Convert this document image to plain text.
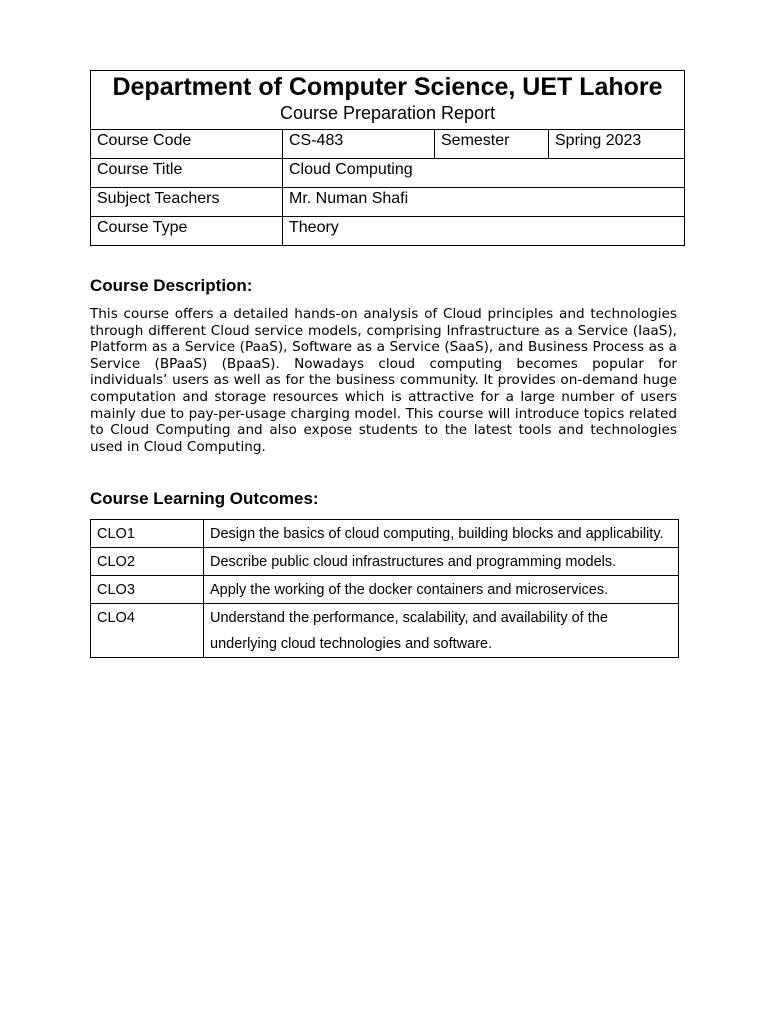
Department of Computer Science, UET Lahore
Course Preparation Report			

Course Code	CS-483	Semester	Spring 2023
Course Title	Cloud Computing		
Subject Teachers	Mr. Numan Shafi		
Course Type	Theory		
Course Description:

This course offers a detailed hands-on analysis of Cloud principles and technologies through different Cloud service models, comprising Infrastructure as a Service (IaaS), Platform as a Service (PaaS), Software as a Service (SaaS), and Business Process as a Service (BPaaS) (BpaaS). Nowadays cloud computing becomes popular for individuals’ users as well as for the business community. It provides on-demand huge computation and storage resources which is attractive for a large number of users mainly due to pay-per-usage charging model. This course will introduce topics related to Cloud Computing and also expose students to the latest tools and technologies used in Cloud Computing.

Course Learning Outcomes:
CLO1	Design the basics of cloud computing, building blocks and applicability.
CLO2	Describe public cloud infrastructures and programming models.
CLO3	Apply the working of the docker containers and microservices.
CLO4	Understand the performance, scalability, and availability of the underlying cloud technologies and software.
